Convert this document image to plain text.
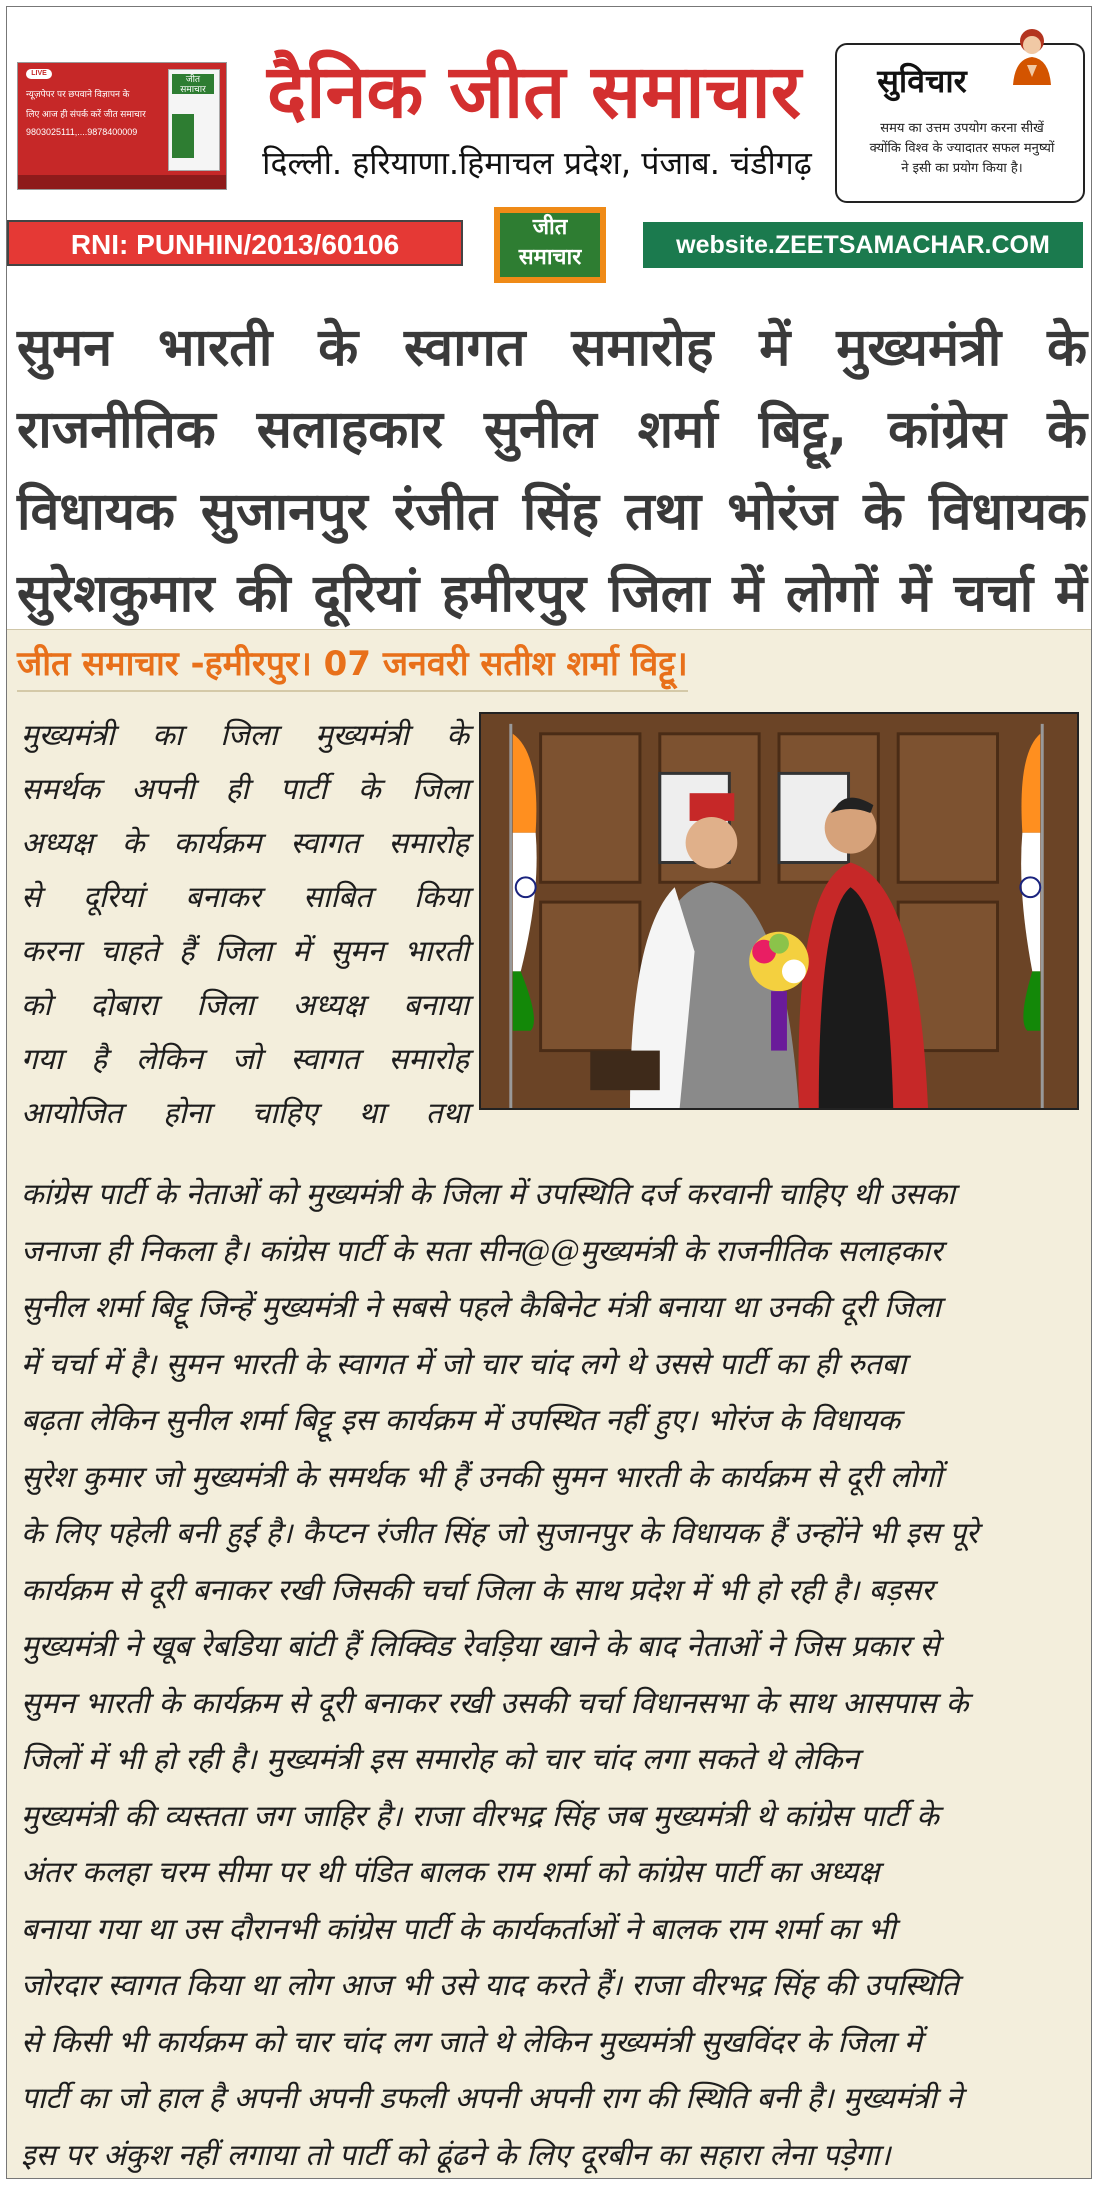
LIVE
न्यूज़पेपर पर छपवाने विज्ञापन के
लिए आज ही संपर्क करें जीत समाचार
9803025111,....9878400009
जीत समाचार दैनिक जीत समाचार
दिल्ली. हरियाणा.हिमाचल प्रदेश, पंजाब. चंडीगढ़
सुविचार
समय का उत्तम उपयोग करना सीखें
क्योंकि विश्व के ज्यादातर सफल मनुष्यों
ने इसी का प्रयोग किया है।
RNI: PUNHIN/2013/60106
जीत
समाचार	website.ZEETSAMACHAR.COM
सुमन भारती के स्वागत समारोह में मुख्यमंत्री के
राजनीतिक सलाहकार सुनील शर्मा बिट्टू, कांग्रेस के
विधायक सुजानपुर रंजीत सिंह तथा भोरंज के विधायक
सुरेशकुमार की दूरियां हमीरपुर जिला में लोगों में चर्चा में
जीत समाचार -हमीरपुर। 07 जनवरी सतीश शर्मा विट्टू।
मुख्यमंत्री का जिला मुख्यमंत्री के
समर्थक अपनी ही पार्टी के जिला
अध्यक्ष के कार्यक्रम स्वागत समारोह
से दूरियां बनाकर साबित किया
करना चाहते हैं जिला में सुमन भारती
को दोबारा जिला अध्यक्ष बनाया
गया है लेकिन जो स्वागत समारोह
आयोजित होना चाहिए था तथा
कांग्रेस पार्टी के नेताओं को मुख्यमंत्री के जिला में उपस्थिति दर्ज करवानी चाहिए थी उसका
जनाजा ही निकला है। कांग्रेस पार्टी के सता सीन@@मुख्यमंत्री के राजनीतिक सलाहकार
सुनील शर्मा बिट्टू जिन्हें मुख्यमंत्री ने सबसे पहले कैबिनेट मंत्री बनाया था उनकी दूरी जिला
में चर्चा में है। सुमन भारती के स्वागत में जो चार चांद लगे थे उससे पार्टी का ही रुतबा
बढ़ता लेकिन सुनील शर्मा बिट्टू इस कार्यक्रम में उपस्थित नहीं हुए। भोरंज के विधायक
सुरेश कुमार जो मुख्यमंत्री के समर्थक भी हैं उनकी सुमन भारती के कार्यक्रम से दूरी लोगों
के लिए पहेली बनी हुई है। कैप्टन रंजीत सिंह जो सुजानपुर के विधायक हैं उन्होंने भी इस पूरे
कार्यक्रम से दूरी बनाकर रखी जिसकी चर्चा जिला के साथ प्रदेश में भी हो रही है। बड़सर
मुख्यमंत्री ने खूब रेबडिया बांटी हैं लिक्विड रेवड़िया खाने के बाद नेताओं ने जिस प्रकार से
सुमन भारती के कार्यक्रम से दूरी बनाकर रखी उसकी चर्चा विधानसभा के साथ आसपास के
जिलों में भी हो रही है। मुख्यमंत्री इस समारोह को चार चांद लगा सकते थे लेकिन
मुख्यमंत्री की व्यस्तता जग जाहिर है। राजा वीरभद्र सिंह जब मुख्यमंत्री थे कांग्रेस पार्टी के
अंतर कलहा चरम सीमा पर थी पंडित बालक राम शर्मा को कांग्रेस पार्टी का अध्यक्ष
बनाया गया था उस दौरानभी कांग्रेस पार्टी के कार्यकर्ताओं ने बालक राम शर्मा का भी
जोरदार स्वागत किया था लोग आज भी उसे याद करते हैं। राजा वीरभद्र सिंह की उपस्थिति
से किसी भी कार्यक्रम को चार चांद लग जाते थे लेकिन मुख्यमंत्री सुखविंदर के जिला में
पार्टी का जो हाल है अपनी अपनी डफली अपनी अपनी राग की स्थिति बनी है। मुख्यमंत्री ने
इस पर अंकुश नहीं लगाया तो पार्टी को ढूंढने के लिए दूरबीन का सहारा लेना पड़ेगा।
